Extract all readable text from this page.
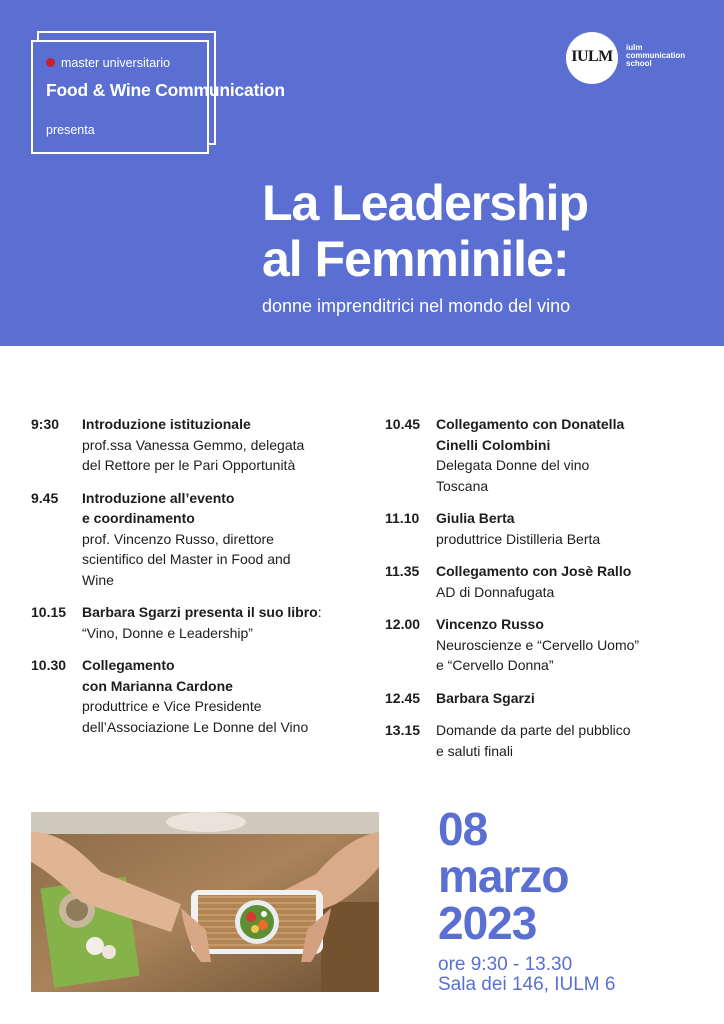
master universitario
Food & Wine Communication
presenta
IULM
iulm
communication
school
La Leadership
al Femminile:
donne imprenditrici nel mondo del vino
9:30	Introduzione istituzionale
prof.ssa Vanessa Gemmo, delegata
del Rettore per le Pari Opportunità
9.45	Introduzione all’evento
e coordinamento
prof. Vincenzo Russo, direttore
scientifico del Master in Food and
Wine
10.15	Barbara Sgarzi presenta il suo libro:
“Vino, Donne e Leadership”
10.30	Collegamento
con Marianna Cardone
produttrice e Vice Presidente
dell’Associazione Le Donne del Vino
10.45	Collegamento con Donatella
Cinelli Colombini
Delegata Donne del vino
Toscana
11.10	Giulia Berta
produttrice Distilleria Berta
11.35	Collegamento con Josè Rallo
AD di Donnafugata
12.00	Vincenzo Russo
Neuroscienze e “Cervello Uomo”
e “Cervello Donna”
12.45	Barbara Sgarzi
13.15	Domande da parte del pubblico
e saluti finali
08
marzo
2023
ore 9:30 - 13.30
Sala dei 146, IULM 6
